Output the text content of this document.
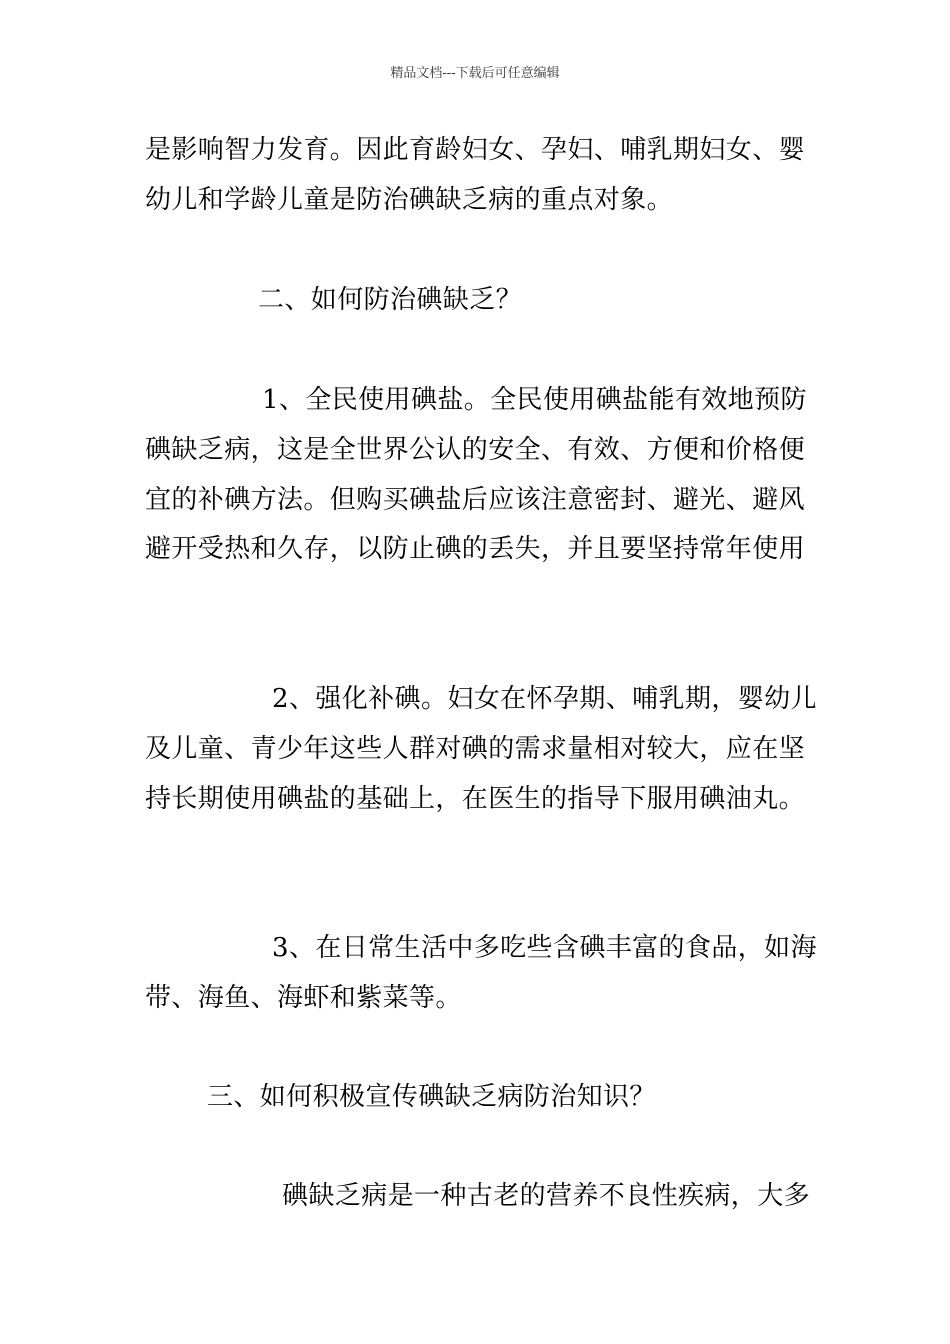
精品文档---下载后可任意编辑
是影响智力发育。因此育龄妇女、孕妇、哺乳期妇女、婴
幼儿和学龄儿童是防治碘缺乏病的重点对象。
二、如何防治碘缺乏？
1、全民使用碘盐。全民使用碘盐能有效地预防
碘缺乏病，这是全世界公认的安全、有效、方便和价格便
宜的补碘方法。但购买碘盐后应该注意密封、避光、避风
避开受热和久存，以防止碘的丢失，并且要坚持常年使用
2、强化补碘。妇女在怀孕期、哺乳期，婴幼儿
及儿童、青少年这些人群对碘的需求量相对较大，应在坚
持长期使用碘盐的基础上，在医生的指导下服用碘油丸。
3、在日常生活中多吃些含碘丰富的食品，如海
带、海鱼、海虾和紫菜等。
三、如何积极宣传碘缺乏病防治知识？
碘缺乏病是一种古老的营养不良性疾病，大多
